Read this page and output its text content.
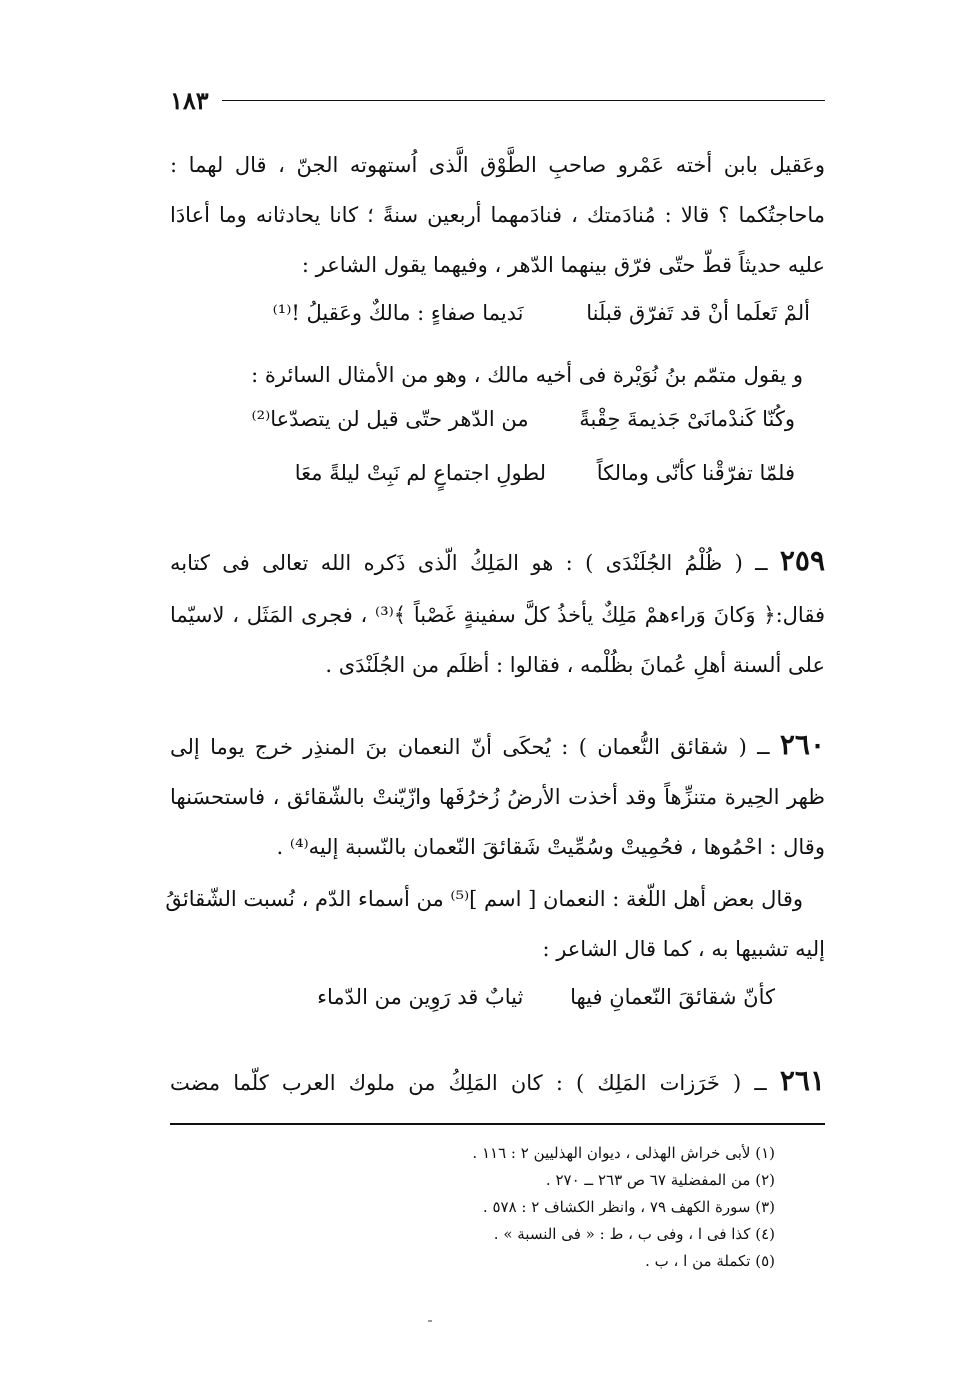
١٨٣
وعَقيل بابن أخته عَمْرو صاحبِ الطَّوْق الَّذى اُستهوته الجنّ ، قال لهما :
ماحاجتُكما ؟ قالا : مُنادَمتك ، فنادَمهما أربعين سنةً ؛ كانا يحادثانه وما أعادَا
عليه حديثاً قطّ حتّى فرّق بينهما الدّهر ، وفيهما يقول الشاعر :
ألمْ تَعلَما أنْ قد تَفرّق قبلَنا نَديما صفاءٍ : مالكٌ وعَقيلُ !⁽¹⁾
و يقول متمّم بنُ نُوَيْرة فى أخيه مالك ، وهو من الأمثال السائرة :
وكُنّا كَندْمانَىْ جَذيمةَ حِقْبةً من الدّهر حتّى قيل لن يتصدّعا⁽²⁾
فلمّا تفرّقْنا كأنّى ومالكاً لطولِ اجتماعٍ لم نَبِتْ ليلةً معَا
٢٥٩ ــ ( ظُلْمُ الجُلَنْدَى ) : هو المَلِكُ الّذى ذَكره الله تعالى فى كتابه
فقال:﴿ وَكانَ وَراءهمْ مَلِكٌ يأخذُ كلَّ سفينةٍ غَصْباً ﴾⁽³⁾ ، فجرى المَثَل ، لاسيّما
على ألسنة أهلِ عُمانَ بظُلْمه ، فقالوا : أظلَم من الجُلَنْدَى .
٢٦٠ ــ ( شقائق النُّعمان ) : يُحكَى أنّ النعمان بنَ المنذِر خرج يوما إلى
ظهر الحِيرة متنزِّهاً وقد أخذت الأرضُ زُخرُفَها وازّيّنتْ بالشّقائق ، فاستحسَنها
وقال : احْمُوها ، فحُمِيتْ وسُمِّيتْ شَقائقَ النّعمان بالنّسبة إليه⁽⁴⁾ .
وقال بعض أهل اللّغة : النعمان [ اسم ]⁽⁵⁾ من أسماء الدّم ، نُسبت الشّقائقُ
إليه تشبيها به ، كما قال الشاعر :
كأنّ شقائقَ النّعمانِ فيها ثيابٌ قد رَوِين من الدّماء
٢٦١ ــ ( خَرَزات المَلِك ) : كان المَلِكُ من ملوك العرب كلّما مضت
(١) لأبى خراش الهذلى ، ديوان الهذليين ٢ : ١١٦ .
(٢) من المفضلية ٦٧ ص ٢٦٣ ــ ٢٧٠ .
(٣) سورة الكهف ٧٩ ، وانظر الكشاف ٢ : ٥٧٨ .
(٤) كذا فى ا ، وفى ب ، ط : « فى النسبة » .
(٥) تكملة من ا ، ب .
